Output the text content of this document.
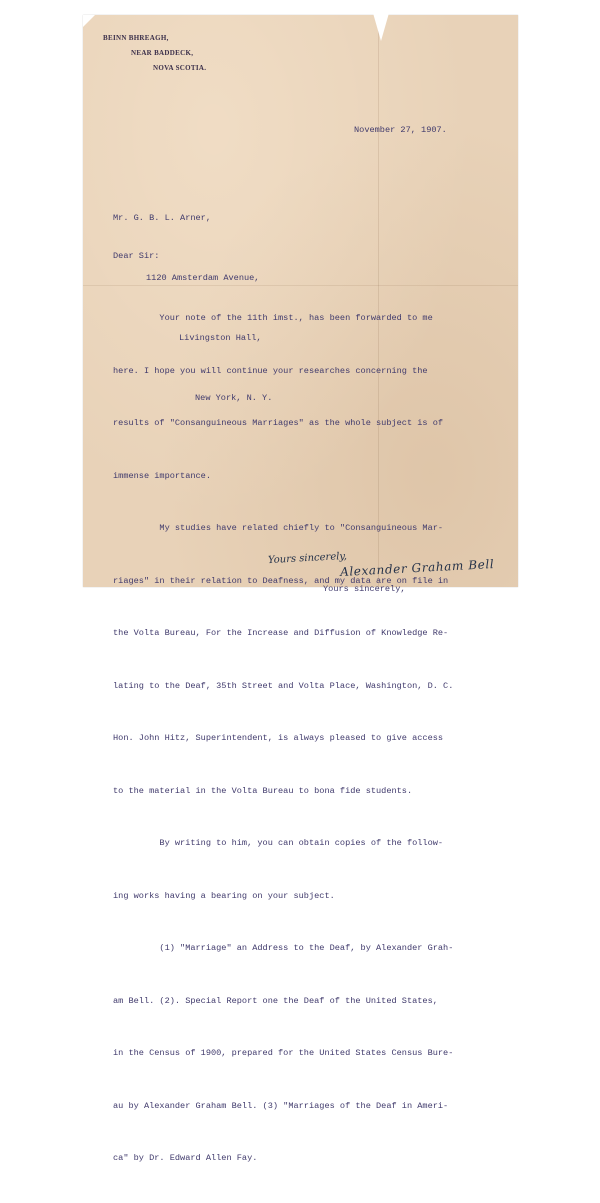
BEINN BHREAGH,
NEAR BADDECK,
NOVA SCOTIA.
November 27, 1907.

Mr. G. B. L. Arner,

1120 Amsterdam Avenue,

Livingston Hall,

New York, N. Y.

Dear Sir:

Your note of the 11th imst., has been forwarded to me

here. I hope you will continue your researches concerning the

results of "Consanguineous Marriages" as the whole subject is of

immense importance.

My studies have related chiefly to "Consanguineous Mar-

riages" in their relation to Deafness, and my data are on file in

the Volta Bureau, For the Increase and Diffusion of Knowledge Re-

lating to the Deaf, 35th Street and Volta Place, Washington, D. C.

Hon. John Hitz, Superintendent, is always pleased to give access

to the material in the Volta Bureau to bona fide students.

By writing to him, you can obtain copies of the follow-

ing works having a bearing on your subject.

(1) "Marriage" an Address to the Deaf, by Alexander Grah-

am Bell. (2). Special Report one the Deaf of the United States,

in the Census of 1900, prepared for the United States Census Bure-

au by Alexander Graham Bell. (3) "Marriages of the Deaf in Ameri-

ca" by Dr. Edward Allen Fay.

Yours sincerely,
Alexander Graham Bell
Yours sincerely,
